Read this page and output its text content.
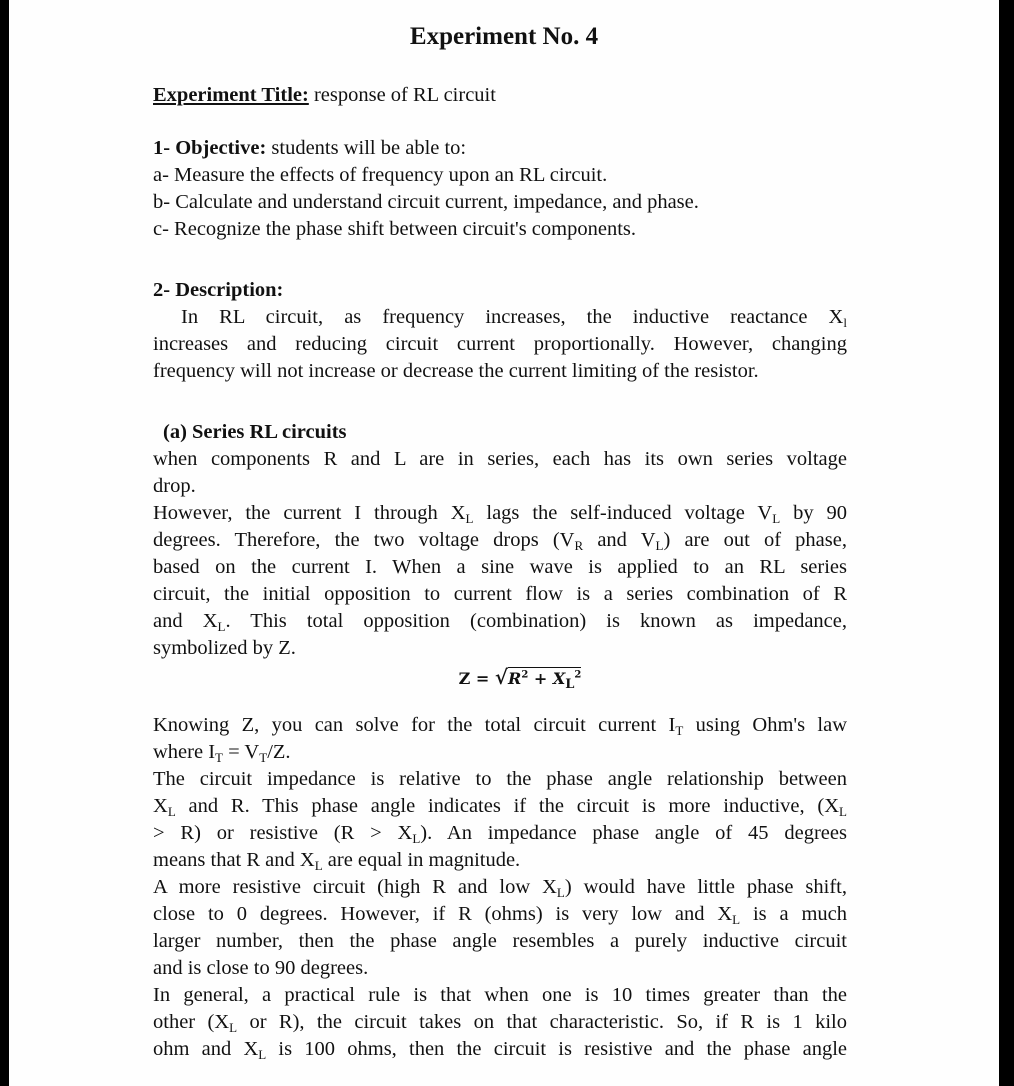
Experiment No. 4

Experiment Title: response of RL circuit

1- Objective: students will be able to:

a- Measure the effects of frequency upon an RL circuit.

b- Calculate and understand circuit current, impedance, and phase.

c- Recognize the phase shift between circuit's components.

2- Description:

In RL circuit, as frequency increases, the inductive reactance $X_l$

increases and reducing circuit current proportionally. However, changing

frequency will not increase or decrease the current limiting of the resistor.

(a) Series RL circuits

when components R and L are in series, each has its own series voltage

drop.

However, the current I through $X_L$ lags the self-induced voltage $V_L$ by 90

degrees. Therefore, the two voltage drops ($V_R$ and $V_L$) are out of phase,

based on the current I. When a sine wave is applied to an RL series

circuit, the initial opposition to current flow is a series combination of R

and $X_L$. This total opposition (combination) is known as impedance,

symbolized by Z.

$Z = √R^2 + X_L^2$

Knowing Z, you can solve for the total circuit current $I_T$ using Ohm's law

where $I_T = V_T/Z$.

The circuit impedance is relative to the phase angle relationship between

$X_L$ and R. This phase angle indicates if the circuit is more inductive, ($X_L$

> R) or resistive $(R > X_L)$. An impedance phase angle of 45 degrees

means that R and $X_L$ are equal in magnitude.

A more resistive circuit (high R and low $X_L$) would have little phase shift,

close to 0 degrees. However, if R (ohms) is very low and $X_L$ is a much

larger number, then the phase angle resembles a purely inductive circuit

and is close to 90 degrees.

In general, a practical rule is that when one is 10 times greater than the

other ($X_L$ or R), the circuit takes on that characteristic. So, if R is 1 kilo

ohm and $X_L$ is 100 ohms, then the circuit is resistive and the phase angle
